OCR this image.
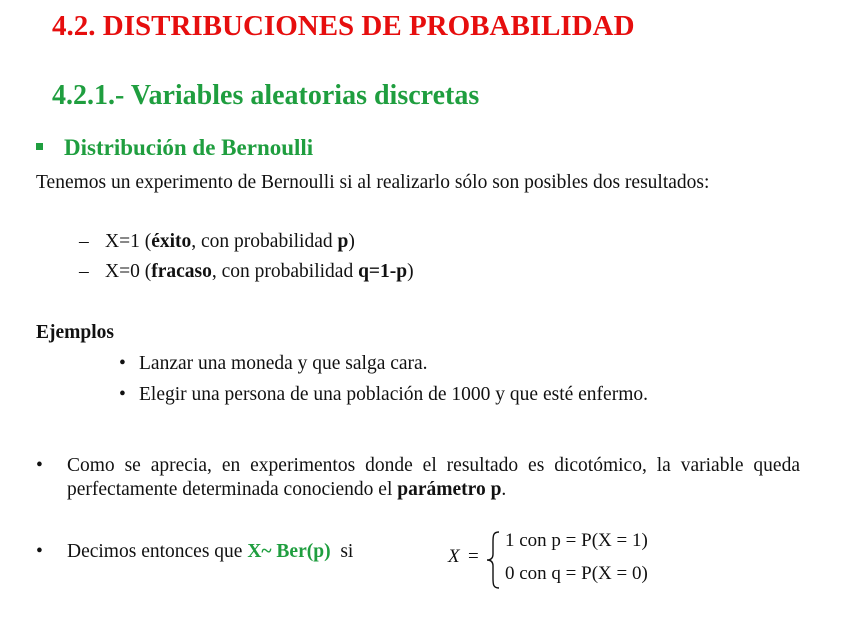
4.2. DISTRIBUCIONES DE PROBABILIDAD
4.2.1.- Variables aleatorias discretas
Distribución de Bernoulli
Tenemos un experimento de Bernoulli si al realizarlo sólo son posibles dos resultados:
– X=1 (éxito, con probabilidad p)
– X=0 (fracaso, con probabilidad q=1-p)
Ejemplos
• Lanzar una moneda y que salga cara.
• Elegir una persona de una población de 1000 y que esté enfermo.
• Como se aprecia, en experimentos donde el resultado es dicotómico, la variable queda perfectamente determinada conociendo el parámetro p.
• Decimos entonces que X~ Ber(p) si	X =
1 con p = P(X = 1)
0 con q = P(X = 0)
